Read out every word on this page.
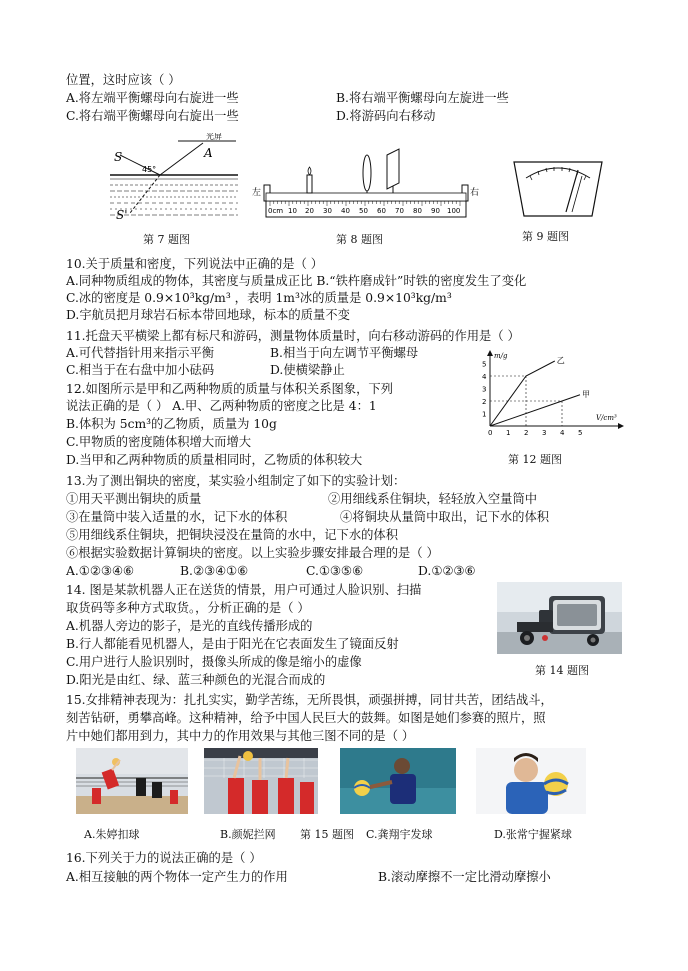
位置，这时应该（ ）
A.将左端平衡螺母向右旋进一些	B.将右端平衡螺母向左旋进一些
C.将右端平衡螺母向右旋出一些	D.将游码向右移动
光屏
A
S
S'
45°
第 7 题图
左	右
0cm 10 20 30 40 50 60 70 80 90 100
第 8 题图	第 9 题图
10.关于质量和密度，下列说法中正确的是（ ）
A.同种物质组成的物体，其密度与质量成正比 B.“铁杵磨成针”时铁的密度发生了变化
C.冰的密度是 0.9×10³kg/m³ ，表明 1m³冰的质量是 0.9×10³kg/m³
D.宇航员把月球岩石标本带回地球，标本的质量不变
11.托盘天平横梁上都有标尺和游码，测量物体质量时，向右移动游码的作用是（ ）
A.可代替指针用来指示平衡	B.相当于向左调节平衡螺母
C.相当于在右盘中加小砝码	D.使横梁静止
12.如图所示是甲和乙两种物质的质量与体积关系图象，下列
说法正确的是（ ） A.甲、乙两种物质的密度之比是 4：1
B.体积为 5cm³的乙物质，质量为 10g
C.甲物质的密度随体积增大而增大
D.当甲和乙两种物质的质量相同时，乙物质的体积较大
m/g
V/cm³
0 1 2 3 4 5
1
2
3
4
5	乙
甲
第 12 题图
13.为了测出铜块的密度，某实验小组制定了如下的实验计划：
①用天平测出铜块的质量	②用细线系住铜块，轻轻放入空量筒中
③在量筒中装入适量的水，记下水的体积	④将铜块从量筒中取出，记下水的体积
⑤用细线系住铜块，把铜块浸没在量筒的水中，记下水的体积
⑥根据实验数据计算铜块的密度。以上实验步骤安排最合理的是（ ）
A.①②③④⑥	B.②③④①⑥	C.①③⑤⑥	D.①②③⑥
14. 图是某款机器人正在送货的情景，用户可通过人脸识别、扫描
取货码等多种方式取货。，分析正确的是（ ）
A.机器人旁边的影子，是光的直线传播形成的
B.行人都能看见机器人，是由于阳光在它表面发生了镜面反射
C.用户进行人脸识别时，摄像头所成的像是缩小的虚像
D.阳光是由红、绿、蓝三种颜色的光混合而成的
第 14 题图
15.女排精神表现为：扎扎实实，勤学苦练，无所畏惧，顽强拼搏，同甘共苦，团结战斗，
刻苦钻研，勇攀高峰。这种精神，给予中国人民巨大的鼓舞。如图是她们参赛的照片，照
片中她们都用到力，其中力的作用效果与其他三图不同的是（ ）
A.朱婷扣球	B.颜妮拦网 第 15 题图 C.龚翔宇发球	D.张常宁握紧球
16.下列关于力的说法正确的是（ ）
A.相互接触的两个物体一定产生力的作用	B.滚动摩擦不一定比滑动摩擦小
